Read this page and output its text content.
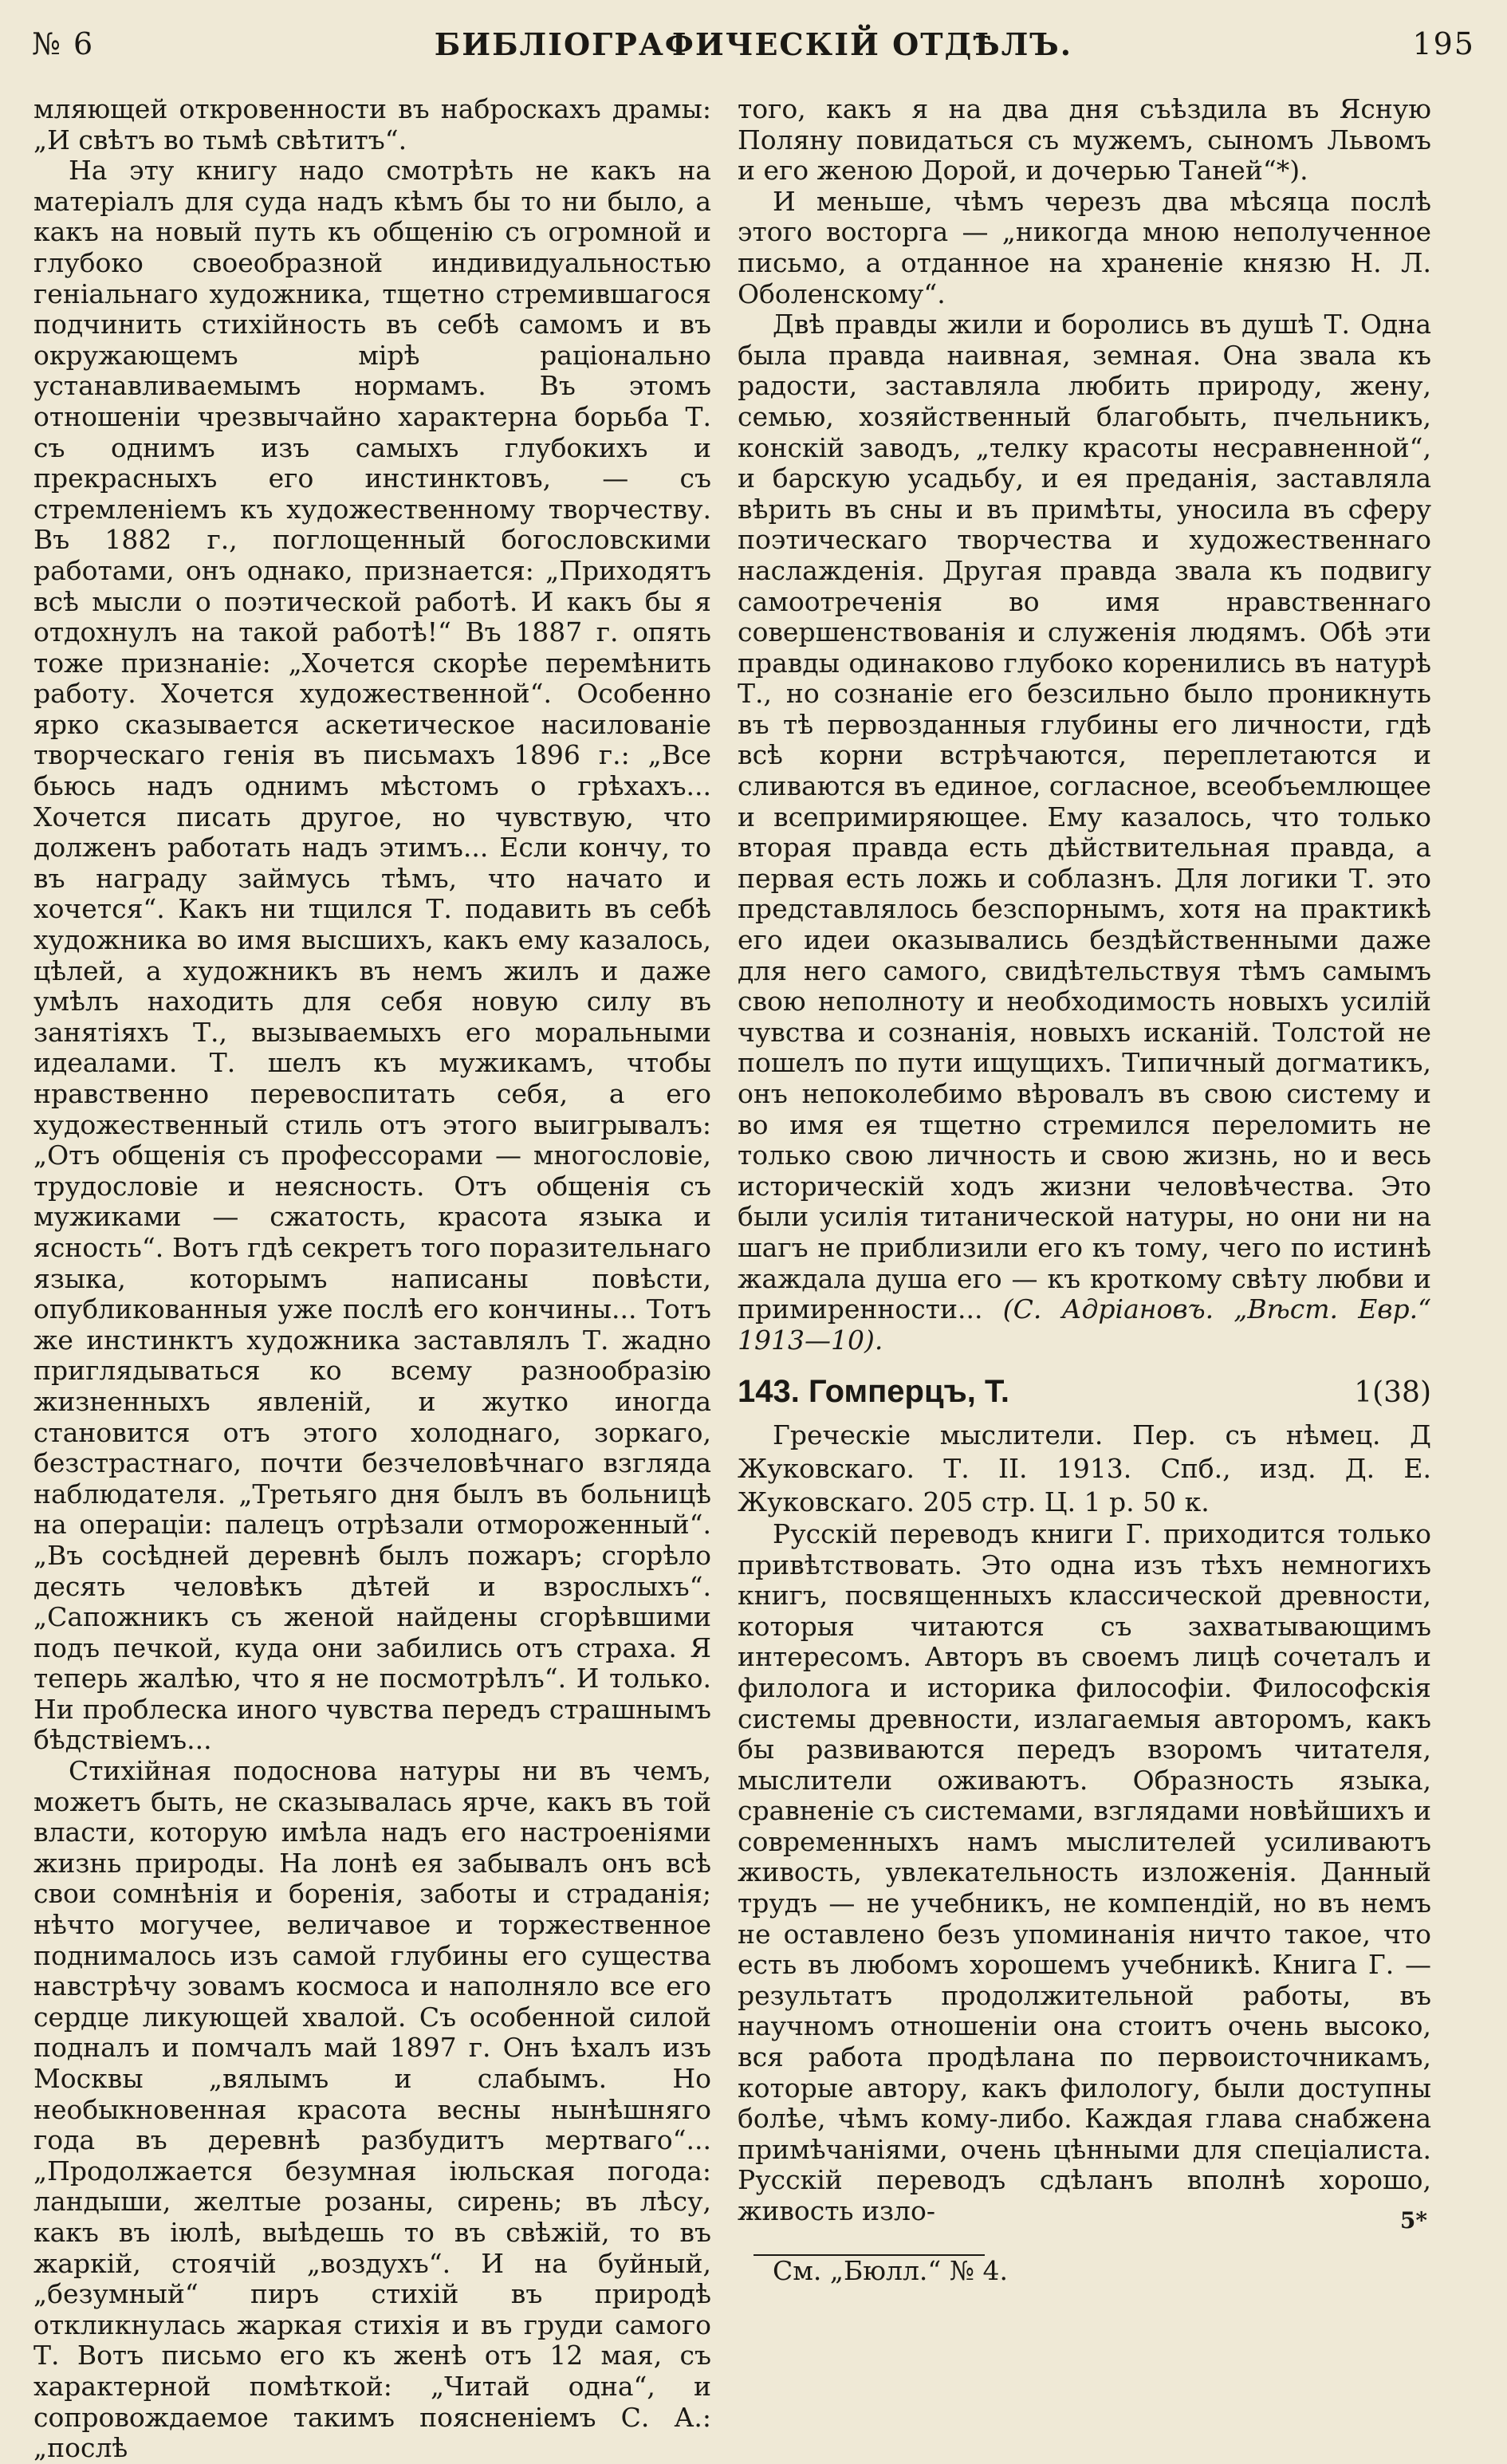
№ 6	БИБЛІОГРАФИЧЕСКІЙ ОТДѢЛЪ.	195

мляющей откровенности въ наброскахъ драмы: „И свѣтъ во тьмѣ свѣтитъ“.

На эту книгу надо смотрѣть не какъ на матеріалъ для суда надъ кѣмъ бы то ни было, а какъ на новый путь къ общенію съ огромной и глубоко своеобразной индивидуальностью геніальнаго художника, тщетно стремившагося подчинить стихійность въ себѣ самомъ и въ окружающемъ мірѣ раціонально устанавливаемымъ нормамъ. Въ этомъ отношеніи чрезвычайно характерна борьба Т. съ однимъ изъ самыхъ глубокихъ и прекрасныхъ его инстинктовъ, — съ стремленіемъ къ художественному творчеству. Въ 1882 г., поглощенный богословскими работами, онъ однако, признается: „Приходятъ всѣ мысли о поэтической работѣ. И какъ бы я отдохнулъ на такой работѣ!“ Въ 1887 г. опять тоже признаніе: „Хочется скорѣе перемѣнить работу. Хочется художественной“. Особенно ярко сказывается аскетическое насилованіе творческаго генія въ письмахъ 1896 г.: „Все бьюсь надъ однимъ мѣстомъ о грѣхахъ... Хочется писать другое, но чувствую, что долженъ работать надъ этимъ... Если кончу, то въ награду займусь тѣмъ, что начато и хочется“. Какъ ни тщился Т. подавить въ себѣ художника во имя высшихъ, какъ ему казалось, цѣлей, а художникъ въ немъ жилъ и даже умѣлъ находить для себя новую силу въ занятіяхъ Т., вызываемыхъ его моральными идеалами. Т. шелъ къ мужикамъ, чтобы нравственно перевоспитать себя, а его художественный стиль отъ этого выигрывалъ: „Отъ общенія съ профессорами — многословіе, трудословіе и неясность. Отъ общенія съ мужиками — сжатость, красота языка и ясность“. Вотъ гдѣ секретъ того поразительнаго языка, которымъ написаны повѣсти, опубликованныя уже послѣ его кончины... Тотъ же инстинктъ художника заставлялъ Т. жадно приглядываться ко всему разнообразію жизненныхъ явленій, и жутко иногда становится отъ этого холоднаго, зоркаго, безстрастнаго, почти безчеловѣчнаго взгляда наблюдателя. „Третьяго дня былъ въ больницѣ на операціи: палецъ отрѣзали отмороженный“. „Въ сосѣдней деревнѣ былъ пожаръ; сгорѣло десять человѣкъ дѣтей и взрослыхъ“. „Сапожникъ съ женой найдены сгорѣвшими подъ печкой, куда они забились отъ страха. Я теперь жалѣю, что я не посмотрѣлъ“. И только. Ни проблеска иного чувства передъ страшнымъ бѣдствіемъ...

Стихійная подоснова натуры ни въ чемъ, можетъ быть, не сказывалась ярче, какъ въ той власти, которую имѣла надъ его настроеніями жизнь природы. На лонѣ ея забывалъ онъ всѣ свои сомнѣнія и боренія, заботы и страданія; нѣчто могучее, величавое и торжественное поднималось изъ самой глубины его существа навстрѣчу зовамъ космоса и наполняло все его сердце ликующей хвалой. Съ особенной силой подналъ и помчалъ май 1897 г. Онъ ѣхалъ изъ Москвы „вялымъ и слабымъ. Но необыкновенная красота весны нынѣшняго года въ деревнѣ разбудитъ мертваго“... „Продолжается безумная іюльская погода: ландыши, желтые розаны, сирень; въ лѣсу, какъ въ іюлѣ, выѣдешь то въ свѣжій, то въ жаркій, стоячій „воздухъ“. И на буйный, „безумный“ пиръ стихій въ природѣ откликнулась жаркая стихія и въ груди самого Т. Вотъ письмо его къ женѣ отъ 12 мая, съ характерной помѣткой: „Читай одна“, и сопровождаемое такимъ поясненіемъ С. А.: „послѣ

того, какъ я на два дня съѣздила въ Ясную Поляну повидаться съ мужемъ, сыномъ Львомъ и его женою Дорой, и дочерью Таней“*).

И меньше, чѣмъ черезъ два мѣсяца послѣ этого восторга — „никогда мною неполученное письмо, а отданное на храненіе князю Н. Л. Оболенскому“.

Двѣ правды жили и боролись въ душѣ Т. Одна была правда наивная, земная. Она звала къ радости, заставляла любить природу, жену, семью, хозяйственный благобыть, пчельникъ, конскій заводъ, „телку красоты несравненной“, и барскую усадьбу, и ея преданія, заставляла вѣрить въ сны и въ примѣты, уносила въ сферу поэтическаго творчества и художественнаго наслажденія. Другая правда звала къ подвигу самоотреченія во имя нравственнаго совершенствованія и служенія людямъ. Обѣ эти правды одинаково глубоко коренились въ натурѣ Т., но сознаніе его безсильно было проникнуть въ тѣ первозданныя глубины его личности, гдѣ всѣ корни встрѣчаются, переплетаются и сливаются въ единое, согласное, всеобъемлющее и всепримиряющее. Ему казалось, что только вторая правда есть дѣйствительная правда, а первая есть ложь и соблазнъ. Для логики Т. это представлялось безспорнымъ, хотя на практикѣ его идеи оказывались бездѣйственными даже для него самого, свидѣтельствуя тѣмъ самымъ свою неполноту и необходимость новыхъ усилій чувства и сознанія, новыхъ исканій. Толстой не пошелъ по пути ищущихъ. Типичный догматикъ, онъ непоколебимо вѣровалъ въ свою систему и во имя ея тщетно стремился переломить не только свою личность и свою жизнь, но и весь историческій ходъ жизни человѣчества. Это были усилія титанической натуры, но они ни на шагъ не приблизили его къ тому, чего по истинѣ жаждала душа его — къ кроткому свѣту любви и примиренности... (С. Адріановъ. „Вѣст. Евр.“ 1913—10).

143. Гомперцъ, Т.	1(38)

Греческіе мыслители. Пер. съ нѣмец. Д Жуковскаго. Т. II. 1913. Спб., изд. Д. Е. Жуковскаго. 205 стр. Ц. 1 р. 50 к.

Русскій переводъ книги Г. приходится только привѣтствовать. Это одна изъ тѣхъ немногихъ книгъ, посвященныхъ классической древности, которыя читаются съ захватывающимъ интересомъ. Авторъ въ своемъ лицѣ сочеталъ и филолога и историка философіи. Философскія системы древности, излагаемыя авторомъ, какъ бы развиваются передъ взоромъ читателя, мыслители оживаютъ. Образность языка, сравненіе съ системами, взглядами новѣйшихъ и современныхъ намъ мыслителей усиливаютъ живость, увлекательность изложенія. Данный трудъ — не учебникъ, не компендій, но въ немъ не оставлено безъ упоминанія ничто такое, что есть въ любомъ хорошемъ учебникѣ. Книга Г. — результатъ продолжительной работы, въ научномъ отношеніи она стоитъ очень высоко, вся работа продѣлана по первоисточникамъ, которые автору, какъ филологу, были доступны болѣе, чѣмъ кому-либо. Каждая глава снабжена примѣчаніями, очень цѣнными для спеціалиста. Русскій переводъ сдѣланъ вполнѣ хорошо, живость изло-

См. „Бюлл.“ № 4.

5*
